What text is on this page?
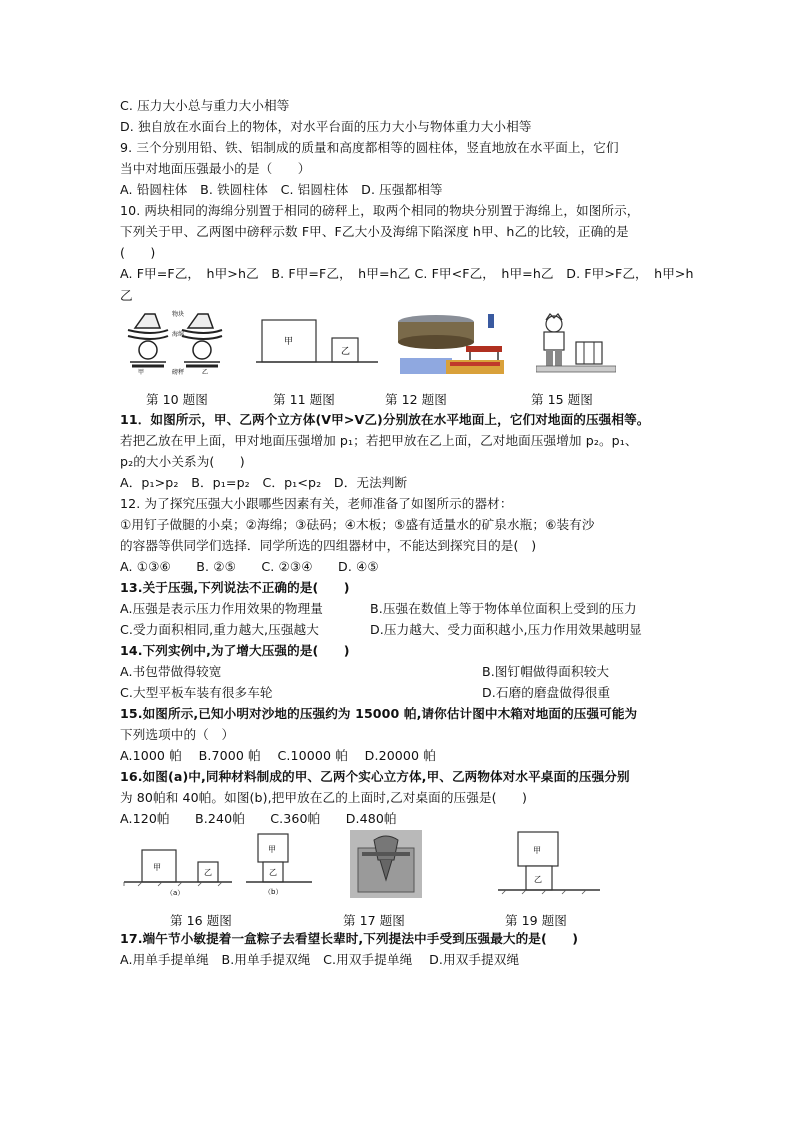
C. 压力大小总与重力大小相等
D. 独自放在水面台上的物体，对水平台面的压力大小与物体重力大小相等
9. 三个分别用铅、铁、铝制成的质量和高度都相等的圆柱体，竖直地放在水平面上，它们
当中对地面压强最小的是（　　）
A. 铅圆柱体　B. 铁圆柱体　C. 铝圆柱体　D. 压强都相等
10. 两块相同的海绵分别置于相同的磅秤上，取两个相同的物块分别置于海绵上，如图所示，
下列关于甲、乙两图中磅秤示数 F甲、F乙大小及海绵下陷深度 h甲、h乙的比较，正确的是
(　　)
A. F甲=F乙，　h甲>h乙　B. F甲=F乙，　h甲=h乙 C. F甲<F乙，　h甲=h乙　D. F甲>F乙，　h甲>h
乙
物块
海绵
甲	磅秤	乙
甲
乙
第 10 题图	第 11 题图	第 12 题图	第 15 题图
11．如图所示，甲、乙两个立方体(V甲>V乙)分别放在水平地面上，它们对地面的压强相等。
若把乙放在甲上面，甲对地面压强增加 p₁；若把甲放在乙上面，乙对地面压强增加 p₂。p₁、
p₂的大小关系为(　　)
A．p₁>p₂　B．p₁=p₂　C．p₁<p₂　D．无法判断
12. 为了探究压强大小跟哪些因素有关，老师准备了如图所示的器材：
①用钉子做腿的小桌；②海绵；③砝码；④木板；⑤盛有适量水的矿泉水瓶；⑥装有沙
的容器等供同学们选择．同学所选的四组器材中，不能达到探究目的是(　)
A. ①③⑥　　B. ②⑤　　C. ②③④　　D. ④⑤
13.关于压强,下列说法不正确的是(　　)
A.压强是表示压力作用效果的物理量	B.压强在数值上等于物体单位面积上受到的压力
C.受力面积相同,重力越大,压强越大	D.压力越大、受力面积越小,压力作用效果越明显
14.下列实例中,为了增大压强的是(　　)
A.书包带做得较宽	B.图钉帽做得面积较大
C.大型平板车装有很多车轮	D.石磨的磨盘做得很重
15.如图所示,已知小明对沙地的压强约为 15000 帕,请你估计图中木箱对地面的压强可能为
下列选项中的（　）
A.1000 帕　 B.7000 帕　 C.10000 帕　 D.20000 帕
16.如图(a)中,同种材料制成的甲、乙两个实心立方体,甲、乙两物体对水平桌面的压强分别
为 80帕和 40帕。如图(b),把甲放在乙的上面时,乙对桌面的压强是(　　)
A.120帕　　B.240帕　　C.360帕　　D.480帕
甲
乙
（a）
甲
乙
（b）
甲
乙
第 16 题图	第 17 题图	第 19 题图
17.端午节小敏提着一盒粽子去看望长辈时,下列提法中手受到压强最大的是(　　)
A.用单手提单绳　B.用单手提双绳　C.用双手提单绳　 D.用双手提双绳
